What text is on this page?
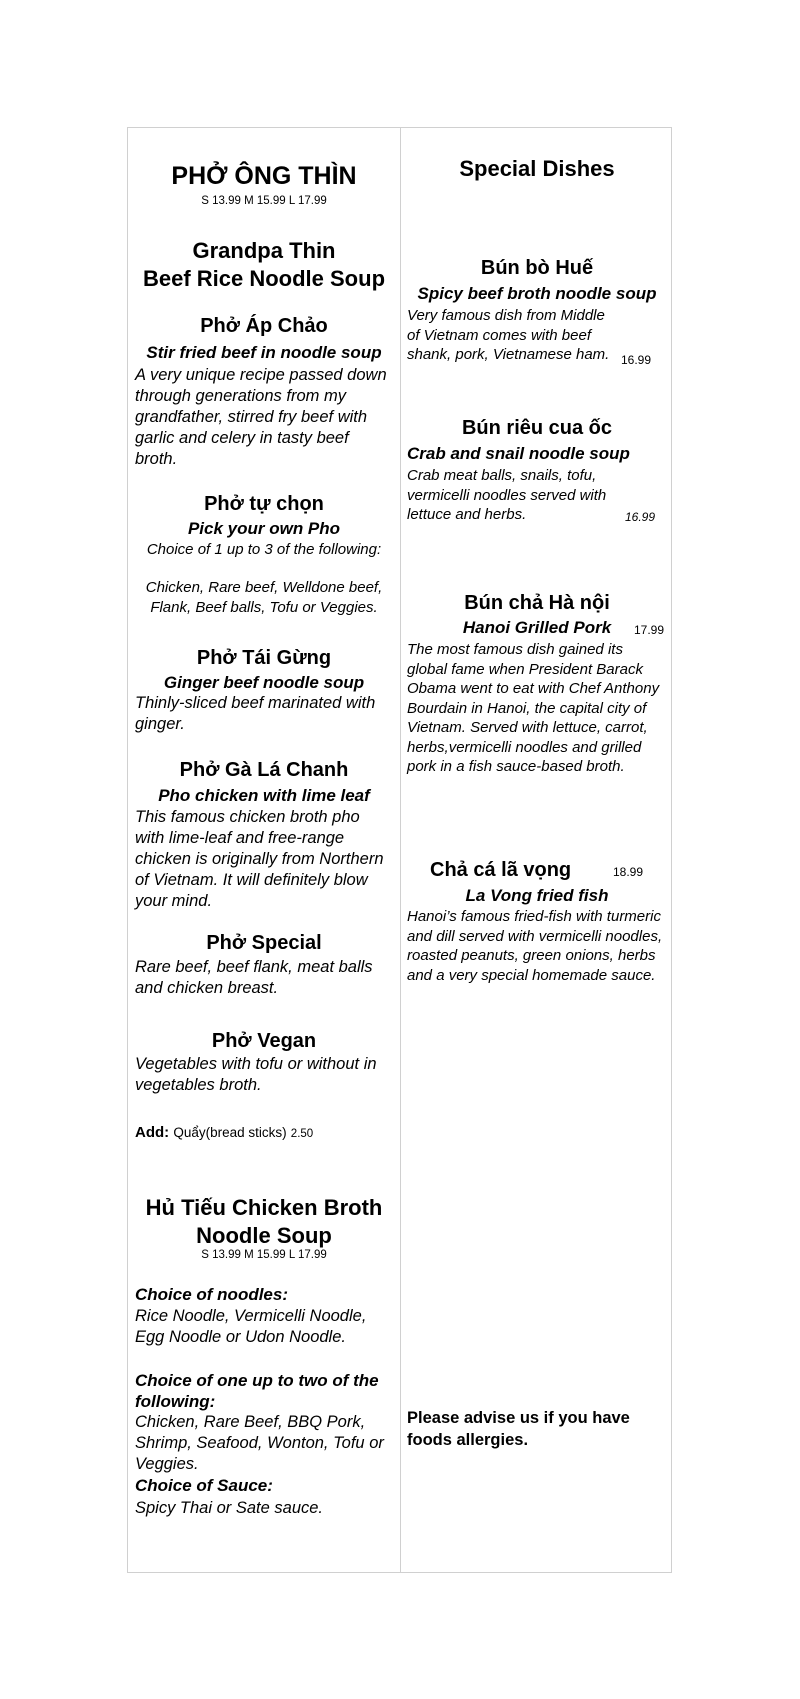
PHỞ ÔNG THÌN
S 13.99 M 15.99 L 17.99
Grandpa Thin
Beef Rice Noodle Soup
Phở Áp Chảo
Stir fried beef in noodle soup
A very unique recipe passed down through generations from my grandfather, stirred fry beef with garlic and celery in tasty beef broth.
Phở tự chọn
Pick your own Pho
Choice of 1 up to 3 of the following:
Chicken, Rare beef, Welldone beef, Flank, Beef balls, Tofu or Veggies.
Phở Tái Gừng
Ginger beef noodle soup
Thinly-sliced beef marinated with ginger.
Phở Gà Lá Chanh
Pho chicken with lime leaf
This famous chicken broth pho with lime-leaf and free-range chicken is originally from Northern of Vietnam. It will definitely blow your mind.
Phở Special
Rare beef, beef flank, meat balls and chicken breast.
Phở Vegan
Vegetables with tofu or without in vegetables broth.
Add: Quẩy(bread sticks) 2.50
Hủ Tiếu Chicken Broth
Noodle Soup
S 13.99 M 15.99 L 17.99
Choice of noodles:
Rice Noodle, Vermicelli Noodle, Egg Noodle or Udon Noodle.
Choice of one up to two of the following:
Chicken, Rare Beef, BBQ Pork, Shrimp, Seafood, Wonton, Tofu or Veggies.
Choice of Sauce:
Spicy Thai or Sate sauce.
Special Dishes
Bún bò Huế
Spicy beef broth noodle soup
Very famous dish from Middle of Vietnam comes with beef shank, pork, Vietnamese ham. 16.99
Bún riêu cua ốc
Crab and snail noodle soup
Crab meat balls, snails, tofu, vermicelli noodles served with lettuce and herbs.	16.99
Bún chả Hà nội
Hanoi Grilled Pork	17.99
The most famous dish gained its global fame when President Barack Obama went to eat with Chef Anthony Bourdain in Hanoi, the capital city of Vietnam. Served with lettuce, carrot, herbs,vermicelli noodles and grilled pork in a fish sauce-based broth.
Chả cá lã vọng	18.99
La Vong fried fish
Hanoi’s famous fried-fish with turmeric and dill served with vermicelli noodles, roasted peanuts, green onions, herbs and a very special homemade sauce.
Please advise us if you have foods allergies.
